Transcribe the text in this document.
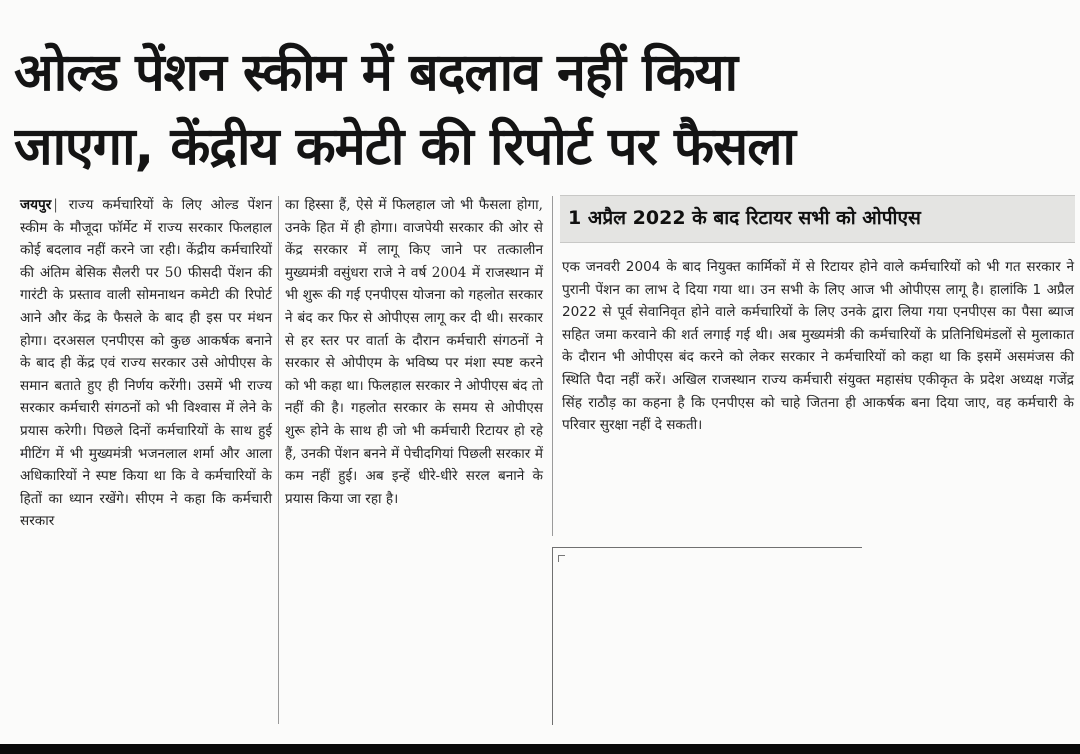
ओल्ड पेंशन स्कीम में बदलाव नहीं किया
जाएगा, केंद्रीय कमेटी की रिपोर्ट पर फैसला
जयपुर | राज्य कर्मचारियों के लिए ओल्ड पेंशन स्कीम के मौजूदा फॉर्मेट में राज्य सरकार फिलहाल कोई बदलाव नहीं करने जा रही। केंद्रीय कर्मचारियों की अंतिम बेसिक सैलरी पर 50 फीसदी पेंशन की गारंटी के प्रस्ताव वाली सोमनाथन कमेटी की रिपोर्ट आने और केंद्र के फैसले के बाद ही इस पर मंथन होगा। दरअसल एनपीएस को कुछ आकर्षक बनाने के बाद ही केंद्र एवं राज्य सरकार उसे ओपीएस के समान बताते हुए ही निर्णय करेंगी। उसमें भी राज्य सरकार कर्मचारी संगठनों को भी विश्वास में लेने के प्रयास करेगी। पिछले दिनों कर्मचारियों के साथ हुई मीटिंग में भी मुख्यमंत्री भजनलाल शर्मा और आला अधिकारियों ने स्पष्ट किया था कि वे कर्मचारियों के हितों का ध्यान रखेंगे। सीएम ने कहा कि कर्मचारी सरकार
का हिस्सा हैं, ऐसे में फिलहाल जो भी फैसला होगा, उनके हित में ही होगा। वाजपेयी सरकार की ओर से केंद्र सरकार में लागू किए जाने पर तत्कालीन मुख्यमंत्री वसुंधरा राजे ने वर्ष 2004 में राजस्थान में भी शुरू की गई एनपीएस योजना को गहलोत सरकार ने बंद कर फिर से ओपीएस लागू कर दी थी। सरकार से हर स्तर पर वार्ता के दौरान कर्मचारी संगठनों ने सरकार से ओपीएम के भविष्य पर मंशा स्पष्ट करने को भी कहा था। फिलहाल सरकार ने ओपीएस बंद तो नहीं की है। गहलोत सरकार के समय से ओपीएस शुरू होने के साथ ही जो भी कर्मचारी रिटायर हो रहे हैं, उनकी पेंशन बनने में पेचीदगियां पिछली सरकार में कम नहीं हुई। अब इन्हें धीरे-धीरे सरल बनाने के प्रयास किया जा रहा है।
1 अप्रैल 2022 के बाद रिटायर सभी को ओपीएस
एक जनवरी 2004 के बाद नियुक्त कार्मिकों में से रिटायर होने वाले कर्मचारियों को भी गत सरकार ने पुरानी पेंशन का लाभ दे दिया गया था। उन सभी के लिए आज भी ओपीएस लागू है। हालांकि 1 अप्रैल 2022 से पूर्व सेवानिवृत होने वाले कर्मचारियों के लिए उनके द्वारा लिया गया एनपीएस का पैसा ब्याज सहित जमा करवाने की शर्त लगाई गई थी। अब मुख्यमंत्री की कर्मचारियों के प्रतिनिधिमंडलों से मुलाकात के दौरान भी ओपीएस बंद करने को लेकर सरकार ने कर्मचारियों को कहा था कि इसमें असमंजस की स्थिति पैदा नहीं करें। अखिल राजस्थान राज्य कर्मचारी संयुक्त महासंघ एकीकृत के प्रदेश अध्यक्ष गजेंद्र सिंह राठौड़ का कहना है कि एनपीएस को चाहे जितना ही आकर्षक बना दिया जाए, वह कर्मचारी के परिवार सुरक्षा नहीं दे सकती।
